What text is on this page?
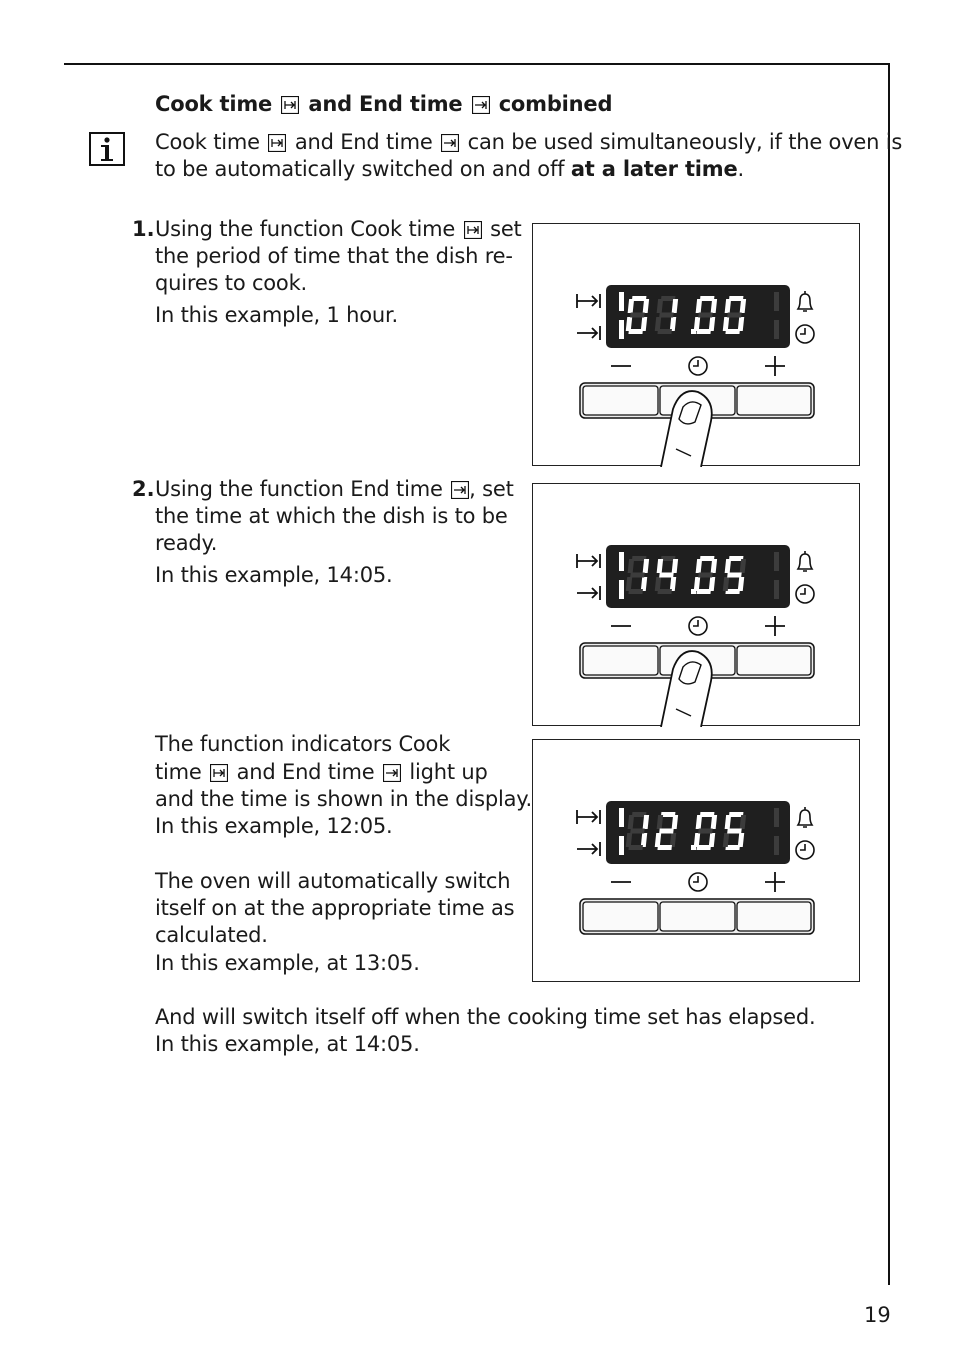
Cook time and End time combined
Cook time and End time can be used simultaneously, if the oven is
to be automatically switched on and off at a later time.
1. Using the function Cook time set
the period of time that the dish re-
quires to cook.
In this example, 1 hour.
2. Using the function End time , set
the time at which the dish is to be
ready.
In this example, 14:05.
The function indicators Cook
time and End time light up
and the time is shown in the display.
In this example, 12:05.
The oven will automatically switch
itself on at the appropriate time as
calculated.
In this example, at 13:05.
And will switch itself off when the cooking time set has elapsed.
In this example, at 14:05.
19
